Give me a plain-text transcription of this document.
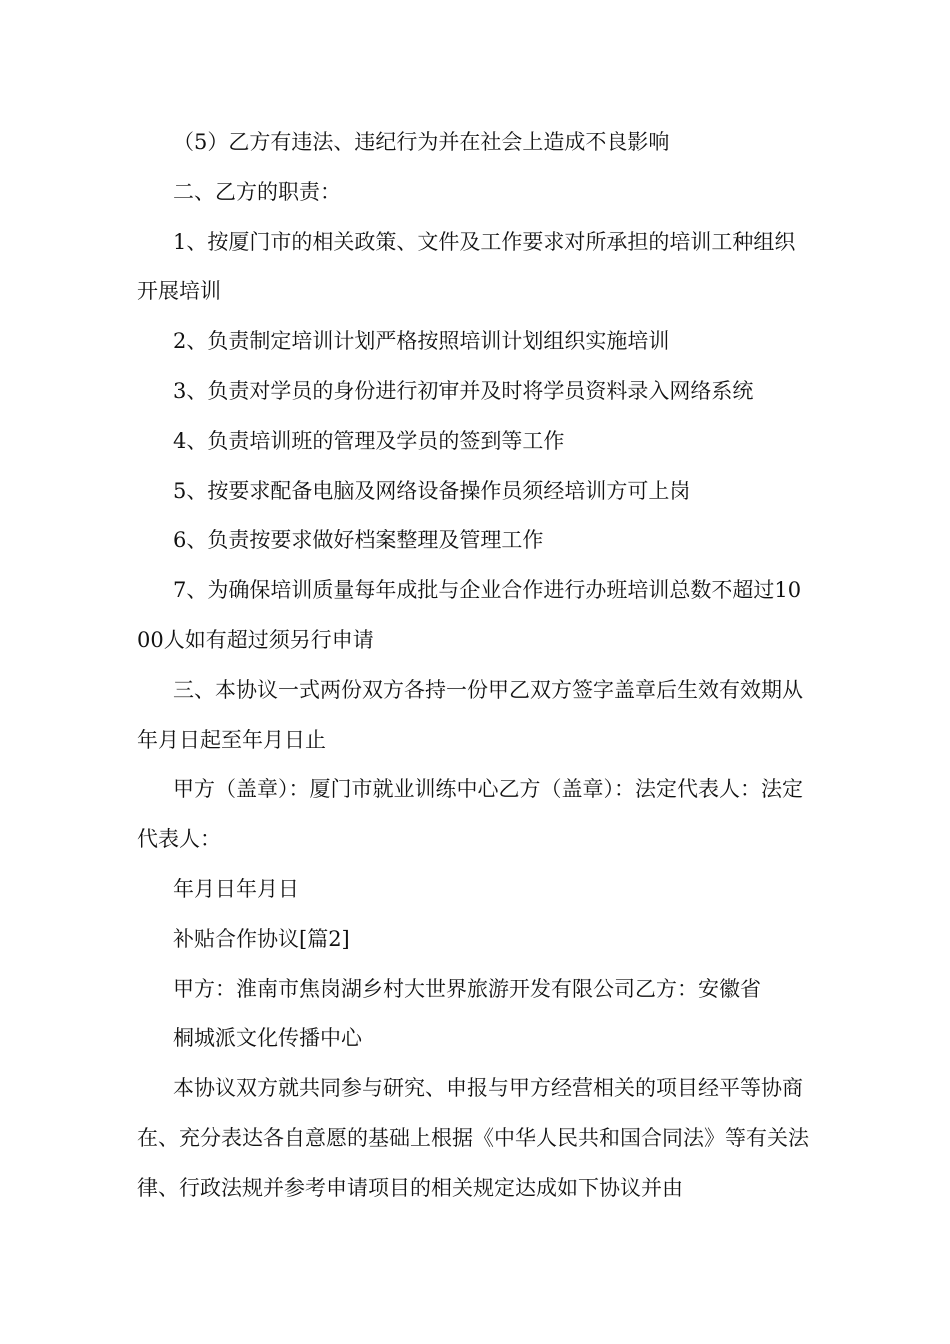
（5）乙方有违法、违纪行为并在社会上造成不良影响

二、乙方的职责：

1、按厦门市的相关政策、文件及工作要求对所承担的培训工种组织开展培训

2、负责制定培训计划严格按照培训计划组织实施培训

3、负责对学员的身份进行初审并及时将学员资料录入网络系统

4、负责培训班的管理及学员的签到等工作

5、按要求配备电脑及网络设备操作员须经培训方可上岗

6、负责按要求做好档案整理及管理工作

7、为确保培训质量每年成批与企业合作进行办班培训总数不超过1000人如有超过须另行申请

三、本协议一式两份双方各持一份甲乙双方签字盖章后生效有效期从年月日起至年月日止

甲方（盖章）：厦门市就业训练中心乙方（盖章）：法定代表人：法定代表人：

年月日年月日

补贴合作协议[篇2]

甲方：淮南市焦岗湖乡村大世界旅游开发有限公司乙方：安徽省

桐城派文化传播中心

本协议双方就共同参与研究、申报与甲方经营相关的项目经平等协商在、充分表达各自意愿的基础上根据《中华人民共和国合同法》等有关法律、行政法规并参考申请项目的相关规定达成如下协议并由
